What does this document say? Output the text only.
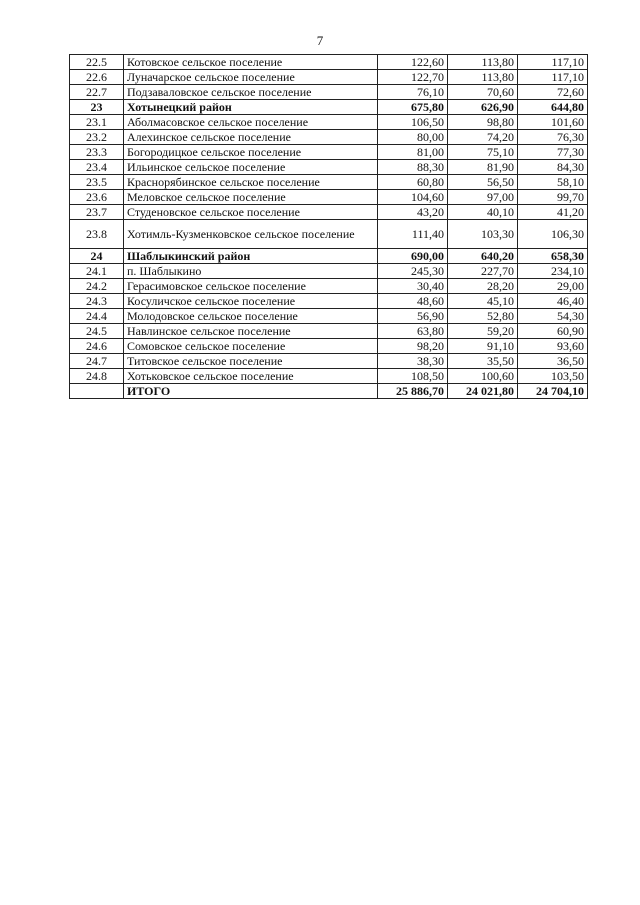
7
22.5	Котовское сельское поселение	122,60	113,80	117,10
22.6	Луначарское сельское поселение	122,70	113,80	117,10
22.7	Подзаваловское сельское поселение	76,10	70,60	72,60
23	Хотынецкий район	675,80	626,90	644,80
23.1	Аболмасовское сельское поселение	106,50	98,80	101,60
23.2	Алехинское сельское поселение	80,00	74,20	76,30
23.3	Богородицкое сельское поселение	81,00	75,10	77,30
23.4	Ильинское сельское поселение	88,30	81,90	84,30
23.5	Краснорябинское сельское поселение	60,80	56,50	58,10
23.6	Меловское сельское поселение	104,60	97,00	99,70
23.7	Студеновское сельское поселение	43,20	40,10	41,20
23.8	Хотимль-Кузменковское сельское поселение	111,40	103,30	106,30
24	Шаблыкинский район	690,00	640,20	658,30
24.1	п. Шаблыкино	245,30	227,70	234,10
24.2	Герасимовское сельское поселение	30,40	28,20	29,00
24.3	Косуличское сельское поселение	48,60	45,10	46,40
24.4	Молодовское сельское поселение	56,90	52,80	54,30
24.5	Навлинское сельское поселение	63,80	59,20	60,90
24.6	Сомовское сельское поселение	98,20	91,10	93,60
24.7	Титовское сельское поселение	38,30	35,50	36,50
24.8	Хотьковское сельское поселение	108,50	100,60	103,50
	ИТОГО	25 886,70	24 021,80	24 704,10
